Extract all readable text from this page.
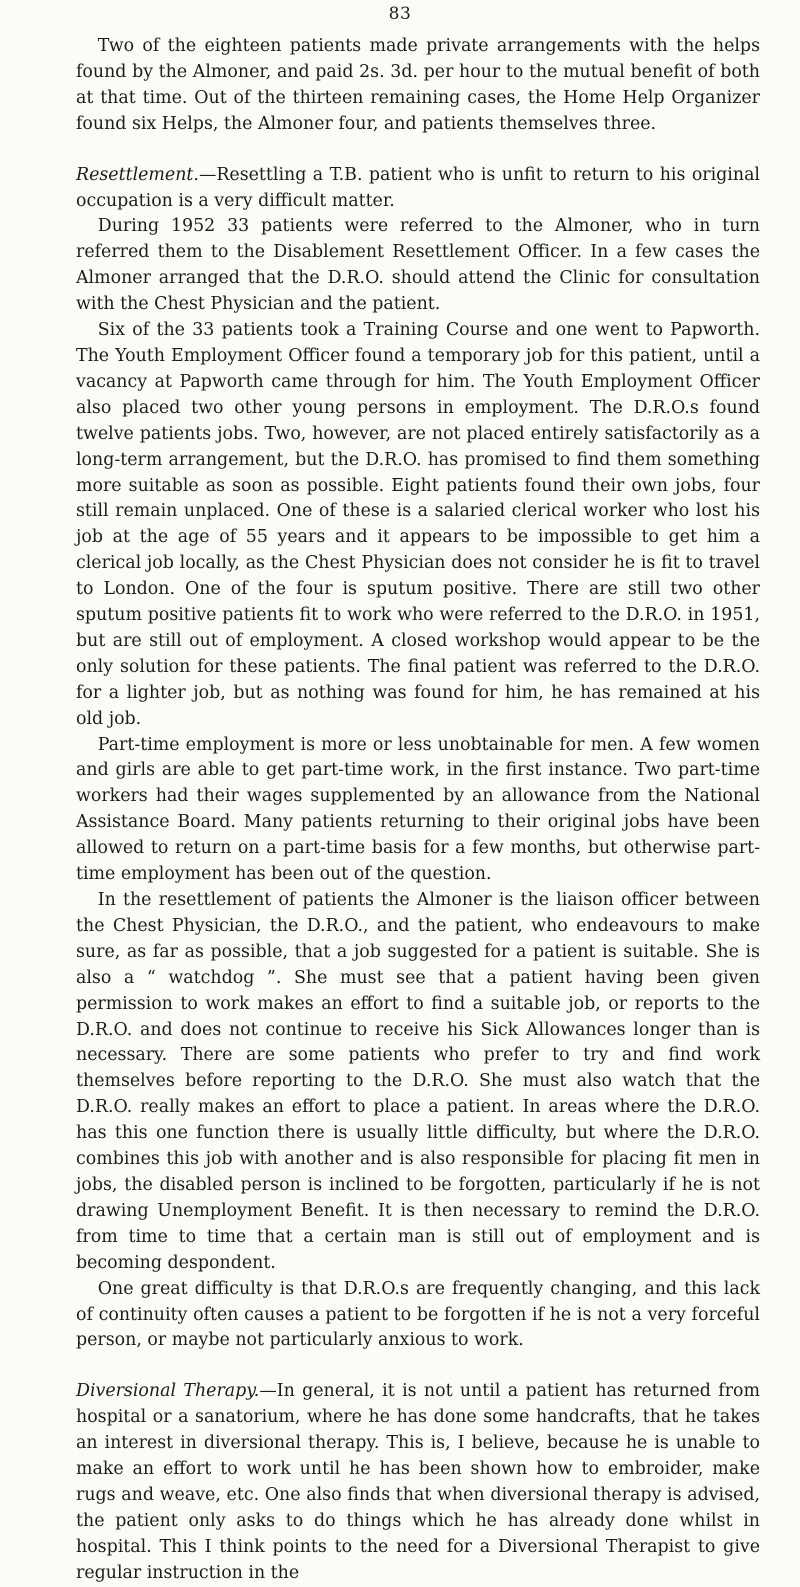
83

Two of the eighteen patients made private arrangements with the helps found by the Almoner, and paid 2s. 3d. per hour to the mutual benefit of both at that time. Out of the thirteen remaining cases, the Home Help Organizer found six Helps, the Almoner four, and patients themselves three.

Resettlement.—Resettling a T.B. patient who is unfit to return to his original occupation is a very difficult matter.

During 1952 33 patients were referred to the Almoner, who in turn referred them to the Disablement Resettlement Officer. In a few cases the Almoner arranged that the D.R.O. should attend the Clinic for consultation with the Chest Physician and the patient.

Six of the 33 patients took a Training Course and one went to Papworth. The Youth Employment Officer found a temporary job for this patient, until a vacancy at Papworth came through for him. The Youth Employment Officer also placed two other young persons in employment. The D.R.O.s found twelve patients jobs. Two, however, are not placed entirely satisfactorily as a long-term arrangement, but the D.R.O. has promised to find them something more suitable as soon as possible. Eight patients found their own jobs, four still remain unplaced. One of these is a salaried clerical worker who lost his job at the age of 55 years and it appears to be impossible to get him a clerical job locally, as the Chest Physician does not consider he is fit to travel to London. One of the four is sputum positive. There are still two other sputum positive patients fit to work who were referred to the D.R.O. in 1951, but are still out of employment. A closed workshop would appear to be the only solution for these patients. The final patient was referred to the D.R.O. for a lighter job, but as nothing was found for him, he has remained at his old job.

Part-time employment is more or less unobtainable for men. A few women and girls are able to get part-time work, in the first instance. Two part-time workers had their wages supplemented by an allowance from the National Assistance Board. Many patients returning to their original jobs have been allowed to return on a part-time basis for a few months, but otherwise part-time employment has been out of the question.

In the resettlement of patients the Almoner is the liaison officer between the Chest Physician, the D.R.O., and the patient, who endeavours to make sure, as far as possible, that a job suggested for a patient is suitable. She is also a “ watchdog ”. She must see that a patient having been given permission to work makes an effort to find a suitable job, or reports to the D.R.O. and does not continue to receive his Sick Allowances longer than is necessary. There are some patients who prefer to try and find work themselves before reporting to the D.R.O. She must also watch that the D.R.O. really makes an effort to place a patient. In areas where the D.R.O. has this one function there is usually little difficulty, but where the D.R.O. combines this job with another and is also responsible for placing fit men in jobs, the disabled person is inclined to be forgotten, particularly if he is not drawing Unemployment Benefit. It is then necessary to remind the D.R.O. from time to time that a certain man is still out of employment and is becoming despondent.

One great difficulty is that D.R.O.s are frequently changing, and this lack of continuity often causes a patient to be forgotten if he is not a very forceful person, or maybe not particularly anxious to work.

Diversional Therapy.—In general, it is not until a patient has returned from hospital or a sanatorium, where he has done some handcrafts, that he takes an interest in diversional therapy. This is, I believe, because he is unable to make an effort to work until he has been shown how to embroider, make rugs and weave, etc. One also finds that when diversional therapy is advised, the patient only asks to do things which he has already done whilst in hospital. This I think points to the need for a Diversional Therapist to give regular instruction in the
